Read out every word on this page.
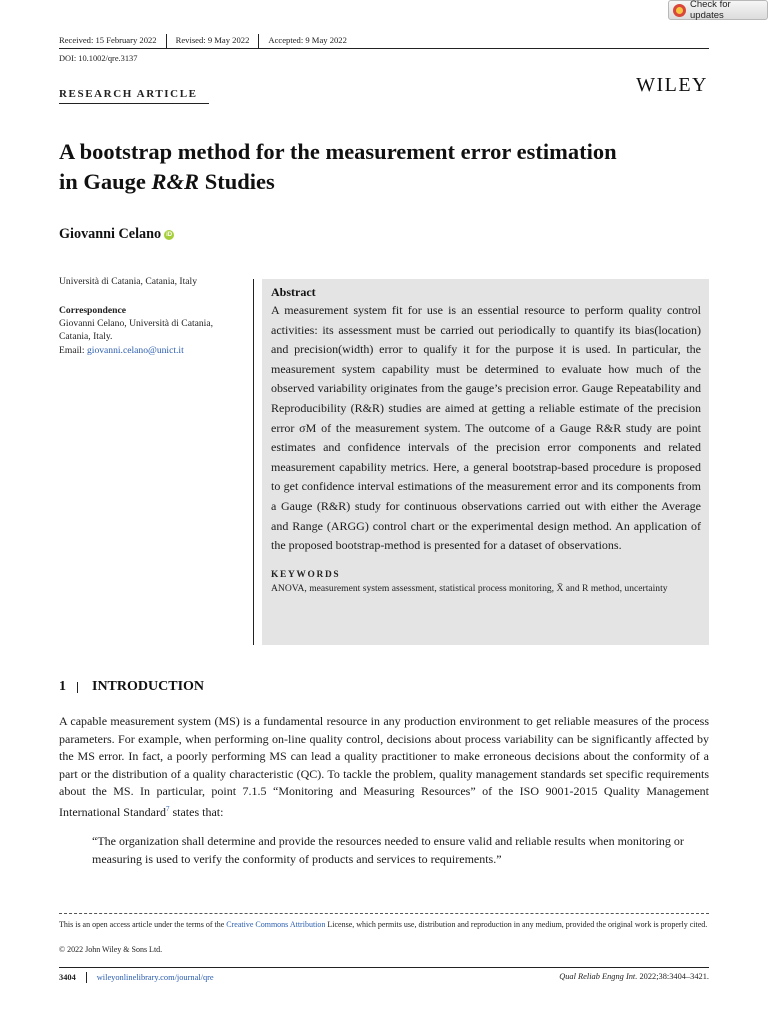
Check for updates
Received: 15 February 2022	Revised: 9 May 2022	Accepted: 9 May 2022
DOI: 10.1002/qre.3137
WILEY
RESEARCH ARTICLE
A bootstrap method for the measurement error estimation
in Gauge R&R Studies
Giovanni Celano iD
Università di Catania, Catania, Italy
Correspondence
Giovanni Celano, Università di Catania, Catania, Italy.
Email: giovanni.celano@unict.it
Abstract
A measurement system fit for use is an essential resource to perform quality control activities: its assessment must be carried out periodically to quantify its bias(location) and precision(width) error to qualify it for the purpose it is used. In particular, the measurement system capability must be determined to evaluate how much of the observed variability originates from the gauge’s precision error. Gauge Repeatability and Reproducibility (R&R) studies are aimed at getting a reliable estimate of the precision error σM of the measurement system. The outcome of a Gauge R&R study are point estimates and confidence intervals of the precision error components and related measurement capability metrics. Here, a general bootstrap-based procedure is proposed to get confidence interval estimations of the measurement error and its components from a Gauge (R&R) study for continuous observations carried out with either the Average and Range (ARGG) control chart or the experimental design method. An application of the proposed bootstrap-method is presented for a dataset of observations.
KEYWORDS
ANOVA, measurement system assessment, statistical process monitoring, X̄ and R method, uncertainty
1 INTRODUCTION
A capable measurement system (MS) is a fundamental resource in any production environment to get reliable measures of the process parameters. For example, when performing on-line quality control, decisions about process variability can be significantly affected by the MS error. In fact, a poorly performing MS can lead a quality practitioner to make erroneous decisions about the conformity of a part or the distribution of a quality characteristic (QC). To tackle the problem, quality management standards set specific requirements about the MS. In particular, point 7.1.5 “Monitoring and Measuring Resources” of the ISO 9001-2015 Quality Management International Standard$^7$ states that:
“The organization shall determine and provide the resources needed to ensure valid and reliable results when monitoring or measuring is used to verify the conformity of products and services to requirements.”
This is an open access article under the terms of the Creative Commons Attribution License, which permits use, distribution and reproduction in any medium, provided the original work is properly cited.
© 2022 John Wiley & Sons Ltd.
3404	wileyonlinelibrary.com/journal/qre	Qual Reliab Engng Int. 2022;38:3404–3421.
